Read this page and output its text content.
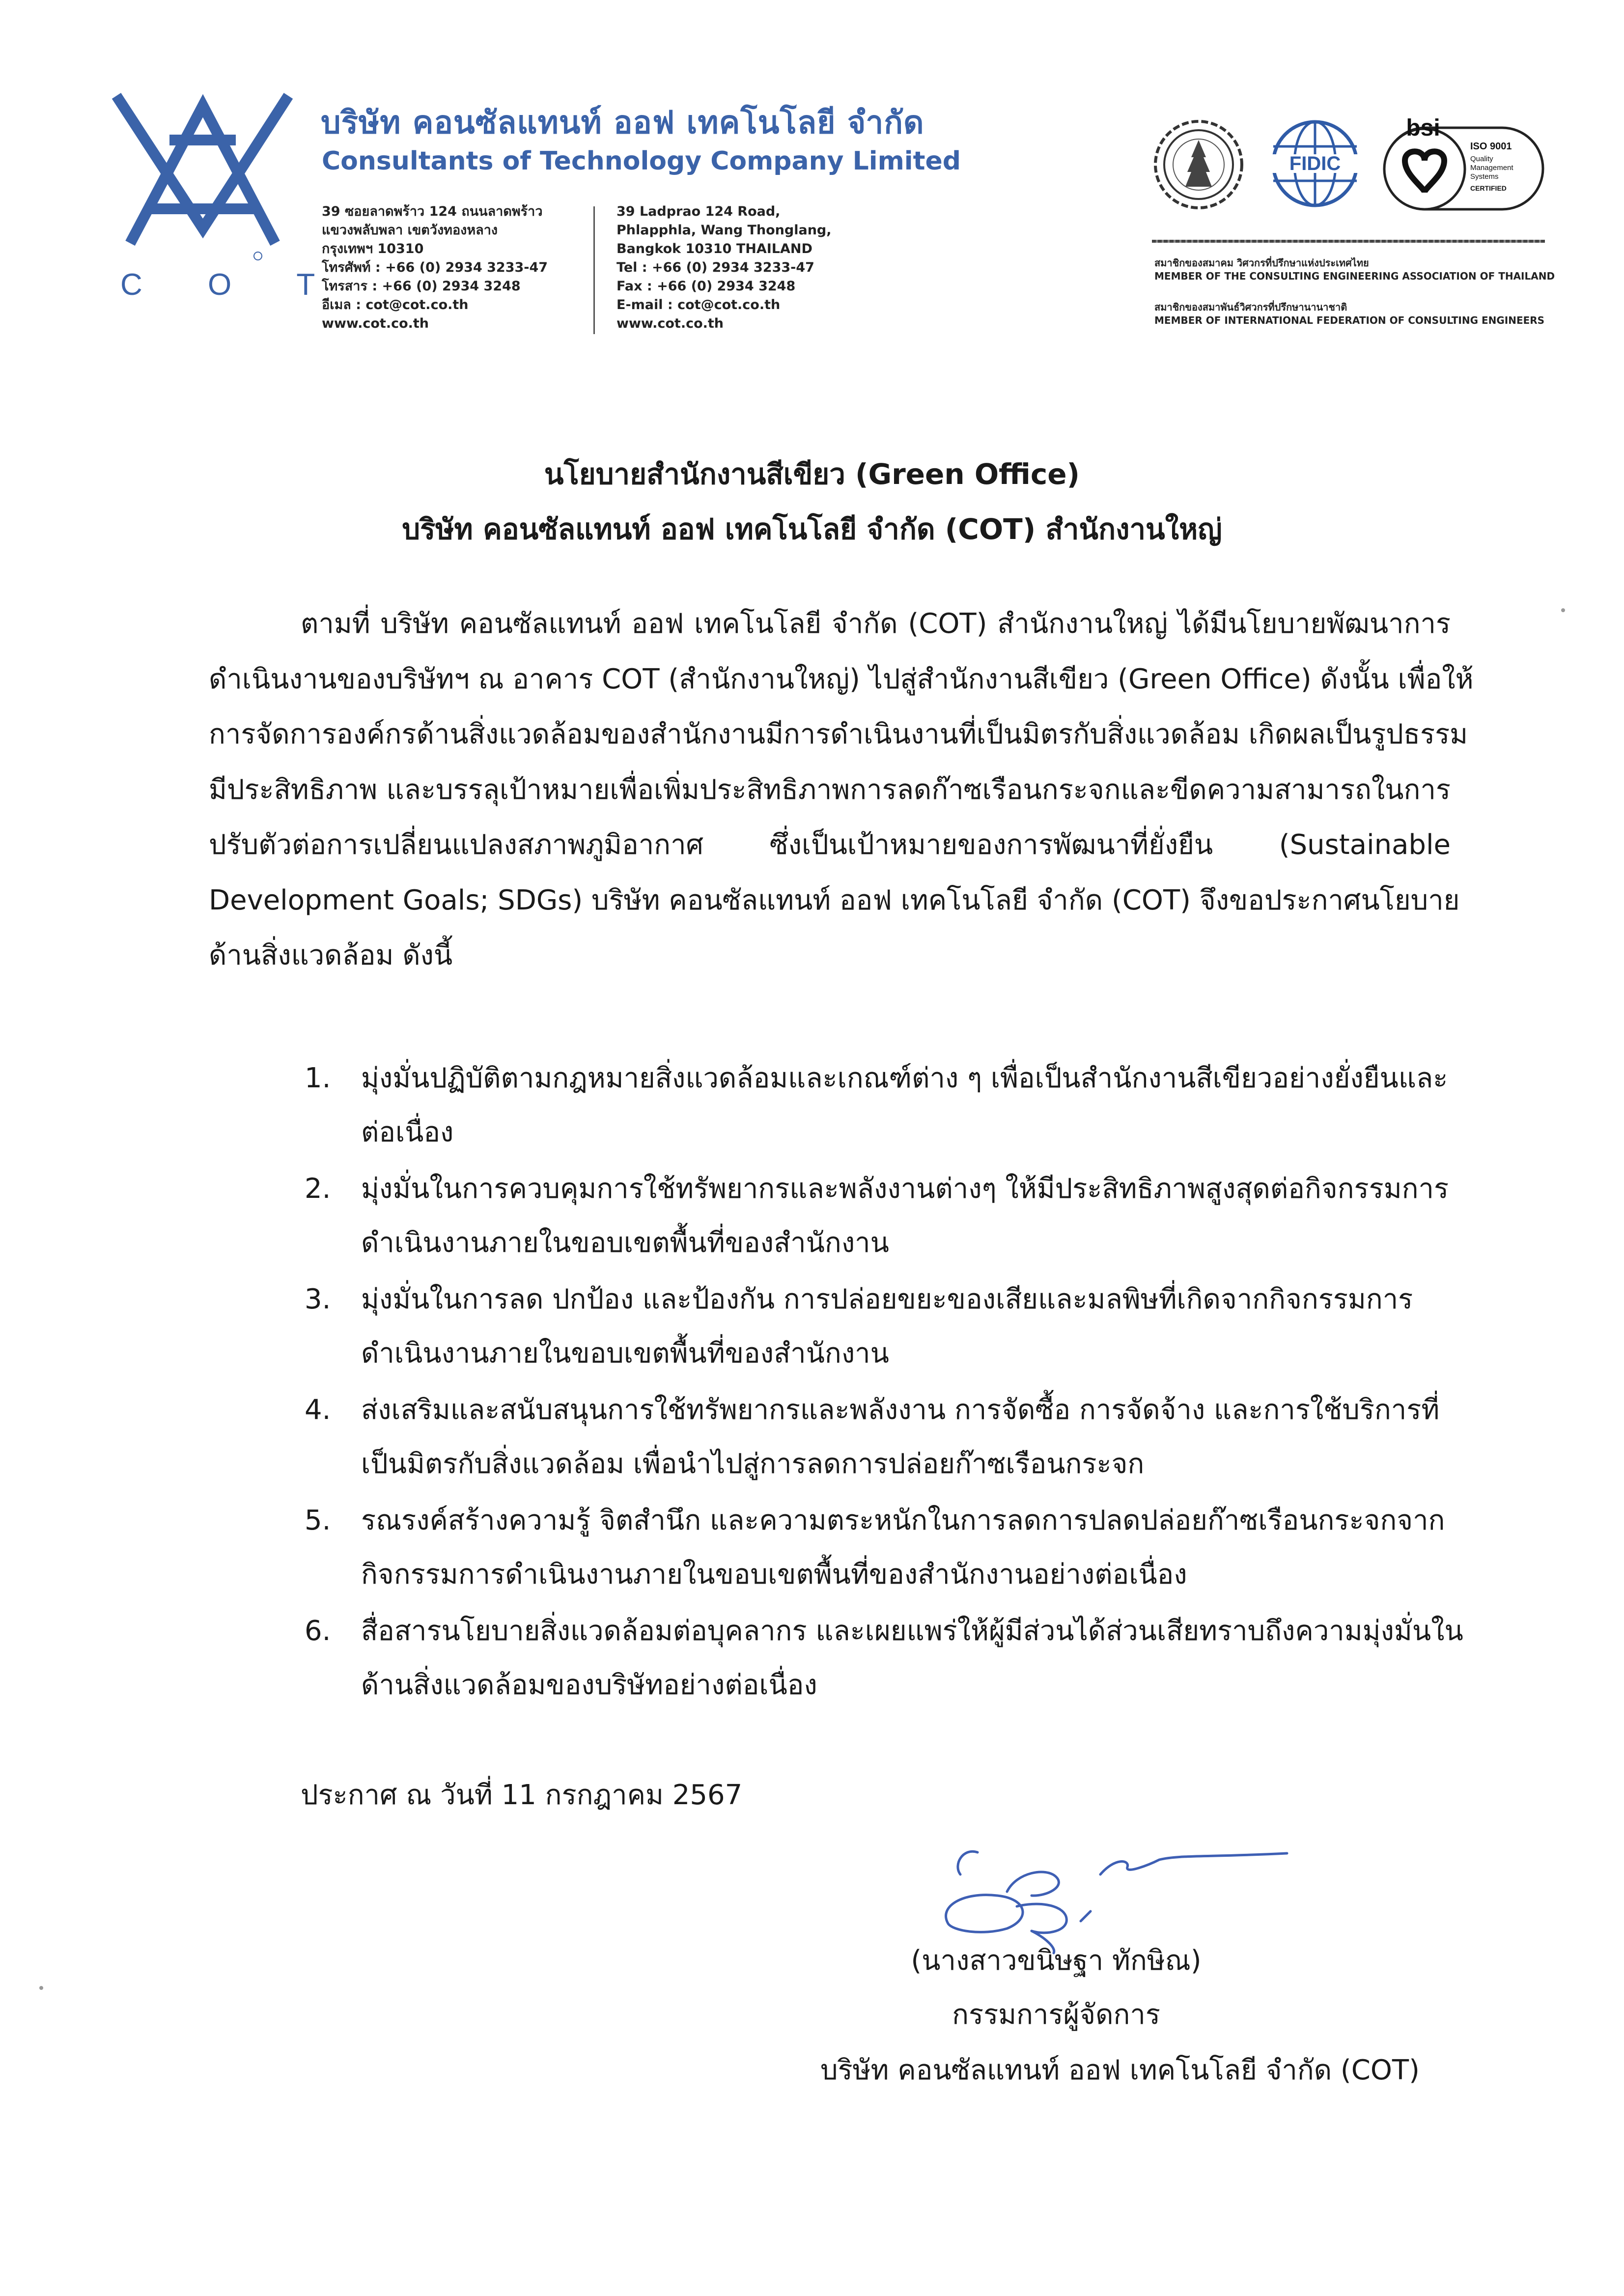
C O T
บริษัท คอนซัลแทนท์ ออฟ เทคโนโลยี จำกัด
Consultants of Technology Company Limited
39 ซอยลาดพร้าว 124 ถนนลาดพร้าว
แขวงพลับพลา เขตวังทองหลาง
กรุงเทพฯ 10310
โทรศัพท์ : +66 (0) 2934 3233-47
โทรสาร : +66 (0) 2934 3248
อีเมล : cot@cot.co.th
www.cot.co.th
39 Ladprao 124 Road,
Phlapphla, Wang Thonglang,
Bangkok 10310 THAILAND
Tel : +66 (0) 2934 3233-47
Fax : +66 (0) 2934 3248
E-mail : cot@cot.co.th
www.cot.co.th
FIDIC
bsi
ISO 9001
Quality
Management
Systems
CERTIFIED
สมาชิกของสมาคม วิศวกรที่ปรึกษาแห่งประเทศไทย
MEMBER OF THE CONSULTING ENGINEERING ASSOCIATION OF THAILAND
สมาชิกของสมาพันธ์วิศวกรที่ปรึกษานานาชาติ
MEMBER OF INTERNATIONAL FEDERATION OF CONSULTING ENGINEERS
นโยบายสำนักงานสีเขียว (Green Office)
บริษัท คอนซัลแทนท์ ออฟ เทคโนโลยี จำกัด (COT) สำนักงานใหญ่
ตามที่ บริษัท คอนซัลแทนท์ ออฟ เทคโนโลยี จำกัด (COT) สำนักงานใหญ่ ได้มีนโยบายพัฒนาการ
ดำเนินงานของบริษัทฯ ณ อาคาร COT (สำนักงานใหญ่) ไปสู่สำนักงานสีเขียว (Green Office) ดังนั้น เพื่อให้
การจัดการองค์กรด้านสิ่งแวดล้อมของสำนักงานมีการดำเนินงานที่เป็นมิตรกับสิ่งแวดล้อม เกิดผลเป็นรูปธรรม
มีประสิทธิภาพ และบรรลุเป้าหมายเพื่อเพิ่มประสิทธิภาพการลดก๊าซเรือนกระจกและขีดความสามารถในการ
ปรับตัวต่อการเปลี่ยนแปลงสภาพภูมิอากาศ ซึ่งเป็นเป้าหมายของการพัฒนาที่ยั่งยืน (Sustainable
Development Goals; SDGs) บริษัท คอนซัลแทนท์ ออฟ เทคโนโลยี จำกัด (COT) จึงขอประกาศนโยบาย
ด้านสิ่งแวดล้อม ดังนี้
1. มุ่งมั่นปฏิบัติตามกฎหมายสิ่งแวดล้อมและเกณฑ์ต่าง ๆ เพื่อเป็นสำนักงานสีเขียวอย่างยั่งยืนและ
ต่อเนื่อง
2. มุ่งมั่นในการควบคุมการใช้ทรัพยากรและพลังงานต่างๆ ให้มีประสิทธิภาพสูงสุดต่อกิจกรรมการ
ดำเนินงานภายในขอบเขตพื้นที่ของสำนักงาน
3. มุ่งมั่นในการลด ปกป้อง และป้องกัน การปล่อยขยะของเสียและมลพิษที่เกิดจากกิจกรรมการ
ดำเนินงานภายในขอบเขตพื้นที่ของสำนักงาน
4. ส่งเสริมและสนับสนุนการใช้ทรัพยากรและพลังงาน การจัดซื้อ การจัดจ้าง และการใช้บริการที่
เป็นมิตรกับสิ่งแวดล้อม เพื่อนำไปสู่การลดการปล่อยก๊าซเรือนกระจก
5. รณรงค์สร้างความรู้ จิตสำนึก และความตระหนักในการลดการปลดปล่อยก๊าซเรือนกระจกจาก
กิจกรรมการดำเนินงานภายในขอบเขตพื้นที่ของสำนักงานอย่างต่อเนื่อง
6. สื่อสารนโยบายสิ่งแวดล้อมต่อบุคลากร และเผยแพร่ให้ผู้มีส่วนได้ส่วนเสียทราบถึงความมุ่งมั่นใน
ด้านสิ่งแวดล้อมของบริษัทอย่างต่อเนื่อง
ประกาศ ณ วันที่ 11 กรกฎาคม 2567
(นางสาวขนิษฐา ทักษิณ)
กรรมการผู้จัดการ
บริษัท คอนซัลแทนท์ ออฟ เทคโนโลยี จำกัด (COT)
